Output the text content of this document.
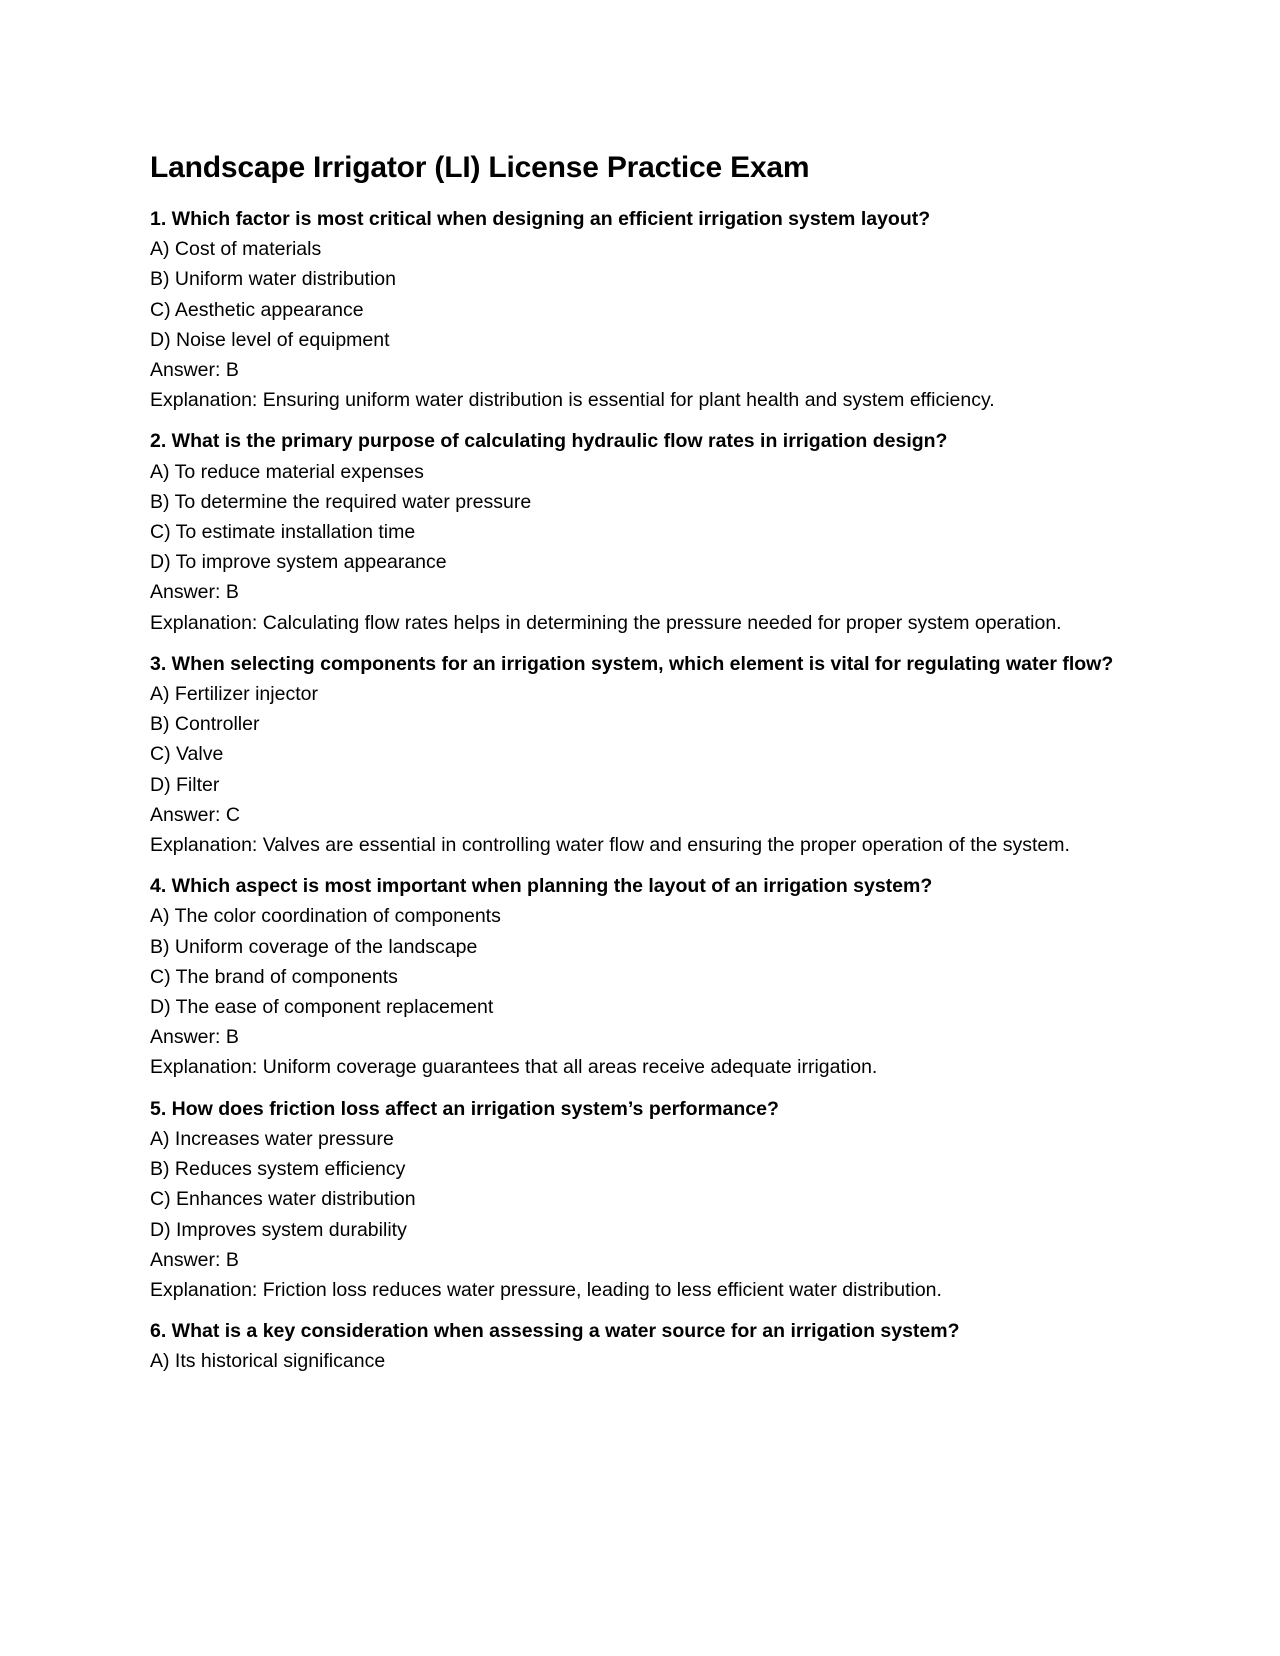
Landscape Irrigator (LI) License Practice Exam
1. Which factor is most critical when designing an efficient irrigation system layout?
A) Cost of materials
B) Uniform water distribution
C) Aesthetic appearance
D) Noise level of equipment
Answer: B
Explanation: Ensuring uniform water distribution is essential for plant health and system efficiency.
2. What is the primary purpose of calculating hydraulic flow rates in irrigation design?
A) To reduce material expenses
B) To determine the required water pressure
C) To estimate installation time
D) To improve system appearance
Answer: B
Explanation: Calculating flow rates helps in determining the pressure needed for proper system operation.
3. When selecting components for an irrigation system, which element is vital for regulating water flow?
A) Fertilizer injector
B) Controller
C) Valve
D) Filter
Answer: C
Explanation: Valves are essential in controlling water flow and ensuring the proper operation of the system.
4. Which aspect is most important when planning the layout of an irrigation system?
A) The color coordination of components
B) Uniform coverage of the landscape
C) The brand of components
D) The ease of component replacement
Answer: B
Explanation: Uniform coverage guarantees that all areas receive adequate irrigation.
5. How does friction loss affect an irrigation system’s performance?
A) Increases water pressure
B) Reduces system efficiency
C) Enhances water distribution
D) Improves system durability
Answer: B
Explanation: Friction loss reduces water pressure, leading to less efficient water distribution.
6. What is a key consideration when assessing a water source for an irrigation system?
A) Its historical significance
